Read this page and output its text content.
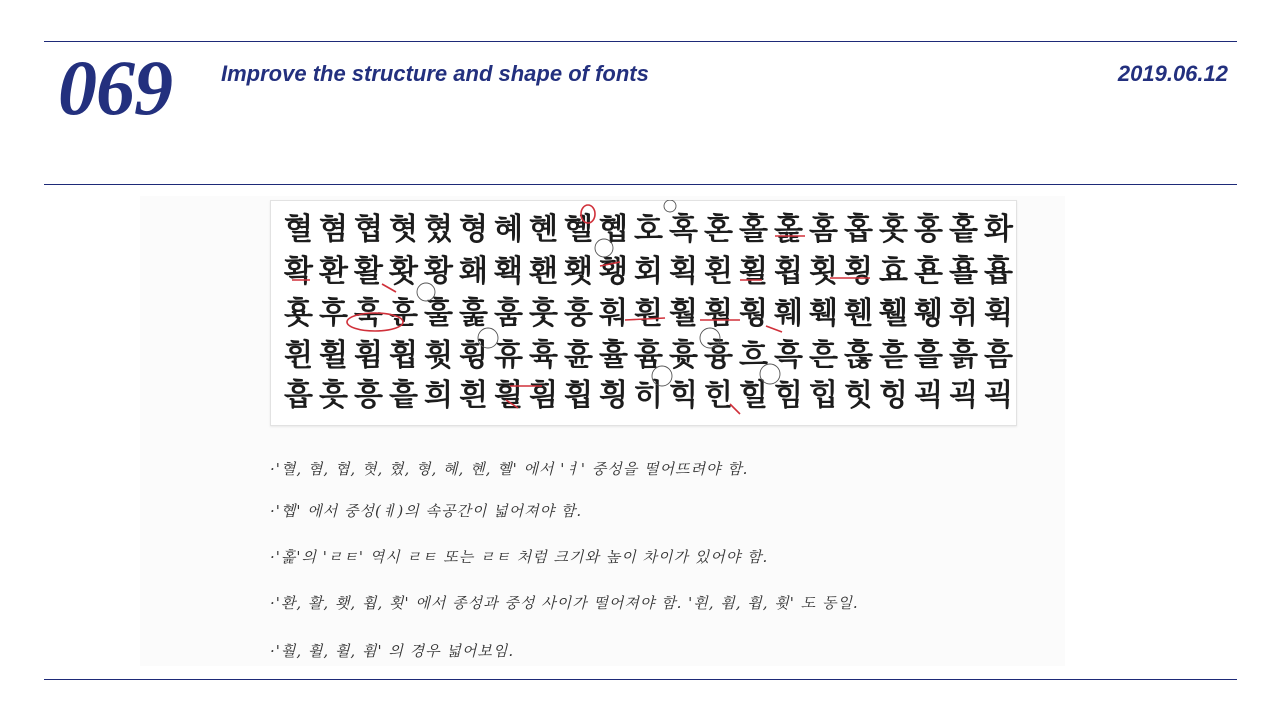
069 Improve the structure and shape of fonts	2019.06.12
혈 혐 협 혓 혔 형 혜 혠 혤 혭 호 혹 혼 홀 홅 홈 홉 홋 홍 홑 화
확 환 활 홧 황 홰 홱 홴 횃 횅 회 획 횐 횔 횝 횟 횡 효 횬 횰 횹
횻 후 훅 훈 훌 훑 훔 훗 훙 훠 훤 훨 훰 훵 훼 훽 휀 휄 휑 휘 휙
휜 휠 휨 휩 휫 휭 휴 휵 휸 휼 흄 흇 흉 흐 흑 흔 흖 흗 흘 흙 흠
흡 흣 흥 흩 희 흰 흴 흼 흽 힁 히 힉 힌 힐 힘 힙 힛 힝 괵 괵 괵
·'혈, 혐, 협, 혓, 혔, 형, 혜, 혠, 혤' 에서 'ㅕ' 중성을 떨어뜨려야 함.
·'혭' 에서 중성(ㅖ)의 속공간이 넓어져야 함.
·'홅'의 'ㄹㅌ' 역시 ㄹㅌ 또는 ㄹㅌ 처럼 크기와 높이 차이가 있어야 함.
·'환, 활, 횃, 횝, 횟' 에서 종성과 중성 사이가 떨어져야 함. '휜, 휨, 휩, 휫' 도 동일.
·'훨, 휠, 휠, 휨' 의 경우 넓어보임.
